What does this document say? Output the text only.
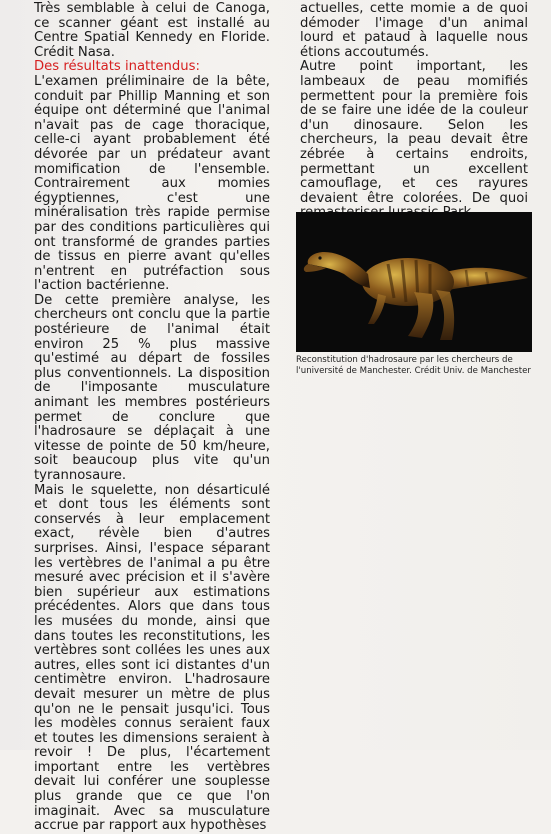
Très semblable à celui de Canoga, ce scanner géant est installé au Centre Spatial Kennedy en Floride. Crédit Nasa.

Des résultats inattendus:

L'examen préliminaire de la bête, conduit par Phillip Manning et son équipe ont déterminé que l'animal n'avait pas de cage thoracique, celle-ci ayant probablement été dévorée par un prédateur avant momification de l'ensemble. Contrairement aux momies égyptiennes, c'est une minéralisation très rapide permise par des conditions particulières qui ont transformé de grandes parties de tissus en pierre avant qu'elles n'entrent en putréfaction sous l'action bactérienne.

De cette première analyse, les chercheurs ont conclu que la partie postérieure de l'animal était environ 25 % plus massive qu'estimé au départ de fossiles plus conventionnels. La disposition de l'imposante musculature animant les membres postérieurs permet de conclure que l'hadrosaure se déplaçait à une vitesse de pointe de 50 km/heure, soit beaucoup plus vite qu'un tyrannosaure.

Mais le squelette, non désarticulé et dont tous les éléments sont conservés à leur emplacement exact, révèle bien d'autres surprises. Ainsi, l'espace séparant les vertèbres de l'animal a pu être mesuré avec précision et il s'avère bien supérieur aux estimations précédentes. Alors que dans tous les musées du monde, ainsi que dans toutes les reconstitutions, les vertèbres sont collées les unes aux autres, elles sont ici distantes d'un centimètre environ. L'hadrosaure devait mesurer un mètre de plus qu'on ne le pensait jusqu'ici. Tous les modèles connus seraient faux et toutes les dimensions seraient à revoir ! De plus, l'écartement important entre les vertèbres devait lui conférer une souplesse plus grande que ce que l'on imaginait. Avec sa musculature accrue par rapport aux hypothèses

actuelles, cette momie a de quoi démoder l'image d'un animal lourd et pataud à laquelle nous étions accoutumés.

Autre point important, les lambeaux de peau momifiés permettent pour la première fois de se faire une idée de la couleur d'un dinosaure. Selon les chercheurs, la peau devait être zébrée à certains endroits, permettant un excellent camouflage, et ces rayures devaient être colorées. De quoi

Reconstitution d'hadrosaure par les chercheurs de l'université de Manchester. Crédit Univ. de Manchester
